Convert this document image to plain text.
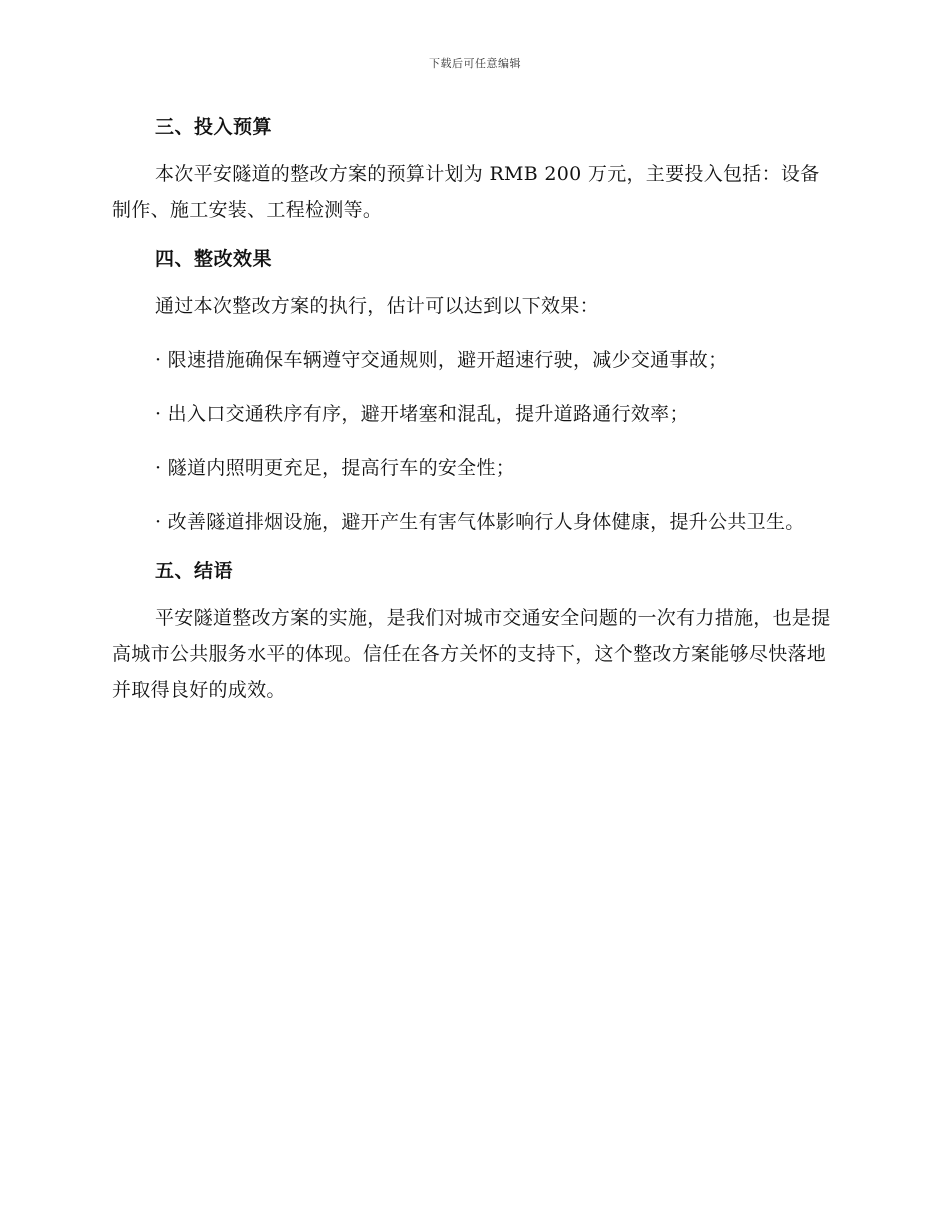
下载后可任意编辑
三、投入预算

本次平安隧道的整改方案的预算计划为 RMB 200 万元，主要投入包括：设备制作、施工安装、工程检测等。

四、整改效果

通过本次整改方案的执行，估计可以达到以下效果：

· 限速措施确保车辆遵守交通规则，避开超速行驶，减少交通事故；

· 出入口交通秩序有序，避开堵塞和混乱，提升道路通行效率；

· 隧道内照明更充足，提高行车的安全性；

· 改善隧道排烟设施，避开产生有害气体影响行人身体健康，提升公共卫生。

五、结语

平安隧道整改方案的实施，是我们对城市交通安全问题的一次有力措施，也是提高城市公共服务水平的体现。信任在各方关怀的支持下，这个整改方案能够尽快落地并取得良好的成效。
